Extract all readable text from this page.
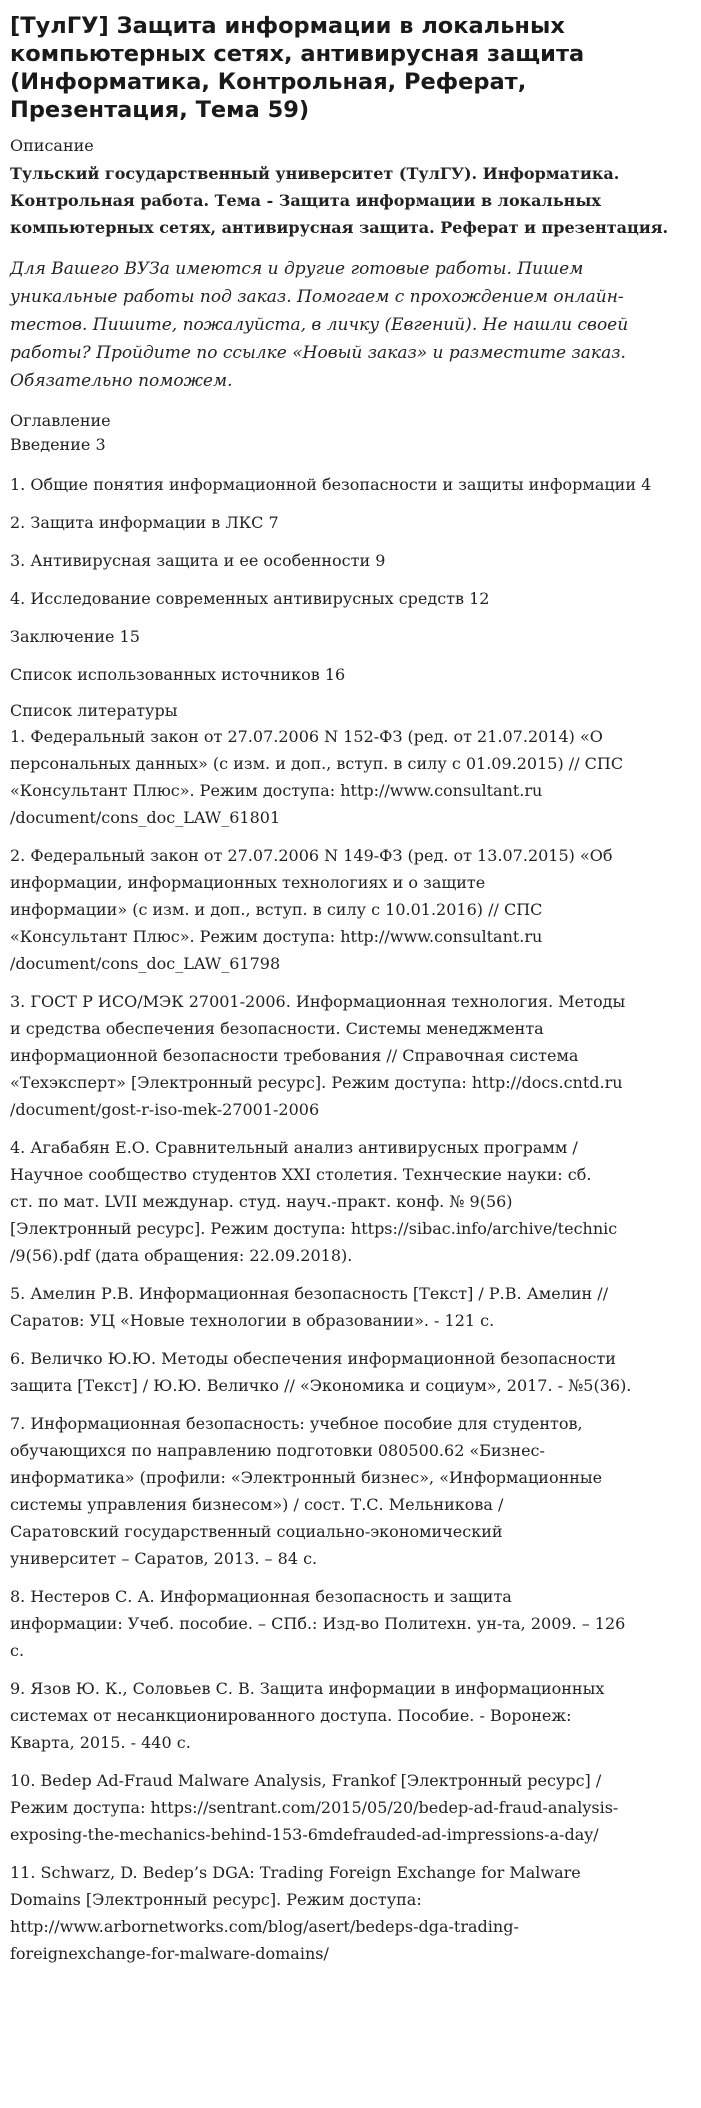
[ТулГУ] Защита информации в локальных компьютерных сетях, антивирусная защита (Информатика, Контрольная, Реферат, Презентация, Тема 59)
Описание
Тульский государственный университет (ТулГУ). Информатика. Контрольная работа. Тема - Защита информации в локальных компьютерных сетях, антивирусная защита. Реферат и презентация.
Для Вашего ВУЗа имеются и другие готовые работы. Пишем уникальные работы под заказ. Помогаем с прохождением онлайн-тестов. Пишите, пожалуйста, в личку (Евгений). Не нашли своей работы? Пройдите по ссылке «Новый заказ» и разместите заказ. Обязательно поможем.
Оглавление
Введение 3
1. Общие понятия информационной безопасности и защиты информации 4
2. Защита информации в ЛКС 7
3. Антивирусная защита и ее особенности 9
4. Исследование современных антивирусных средств 12
Заключение 15
Список использованных источников 16
Список литературы
1. Федеральный закон от 27.07.2006 N 152-ФЗ (ред. от 21.07.2014) «О
персональных данных» (с изм. и доп., вступ. в силу с 01.09.2015) // СПС
«Консультант Плюс». Режим доступа: http://www.consultant.ru
/document/cons_doc_LAW_61801
2. Федеральный закон от 27.07.2006 N 149-ФЗ (ред. от 13.07.2015) «Об
информации, информационных технологиях и о защите
информации» (с изм. и доп., вступ. в силу с 10.01.2016) // СПС
«Консультант Плюс». Режим доступа: http://www.consultant.ru
/document/cons_doc_LAW_61798
3. ГОСТ Р ИСО/МЭК 27001-2006. Информационная технология. Методы
и средства обеспечения безопасности. Системы менеджмента
информационной безопасности требования // Справочная система
«Техэксперт» [Электронный ресурс]. Режим доступа: http://docs.cntd.ru
/document/gost-r-iso-mek-27001-2006
4. Агабабян Е.О. Сравнительный анализ антивирусных программ /
Научное сообщество студентов XXI столетия. Технческие науки: сб.
ст. по мат. LVII междунар. студ. науч.-практ. конф. № 9(56)
[Электронный ресурс]. Режим доступа: https://sibac.info/archive/technic
/9(56).pdf (дата обращения: 22.09.2018).
5. Амелин Р.В. Информационная безопасность [Текст] / Р.В. Амелин //
Саратов: УЦ «Новые технологии в образовании». - 121 с.
6. Величко Ю.Ю. Методы обеспечения информационной безопасности
защита [Текст] / Ю.Ю. Величко // «Экономика и социум», 2017. - №5(36).
7. Информационная безопасность: учебное пособие для студентов,
обучающихся по направлению подготовки 080500.62 «Бизнес-
информатика» (профили: «Электронный бизнес», «Информационные
системы управления бизнесом») / сост. Т.С. Мельникова /
Саратовский государственный социально-экономический
университет – Саратов, 2013. – 84 с.
8. Нестеров С. А. Информационная безопасность и защита
информации: Учеб. пособие. – СПб.: Изд-во Политехн. ун-та, 2009. – 126
с.
9. Язов Ю. К., Соловьев С. В. Защита информации в информационных
системах от несанкционированного доступа. Пособие. - Воронеж:
Кварта, 2015. - 440 с.
10. Bedep Ad-Fraud Malware Analysis, Frankof [Электронный ресурс] /
Режим доступа: https://sentrant.com/2015/05/20/bedep-ad-fraud-analysis-
exposing-the-mechanics-behind-153-6mdefrauded-ad-impressions-a-day/
11. Schwarz, D. Bedep’s DGA: Trading Foreign Exchange for Malware
Domains [Электронный ресурс]. Режим доступа:
http://www.arbornetworks.com/blog/asert/bedeps-dga-trading-
foreignexchange-for-malware-domains/
